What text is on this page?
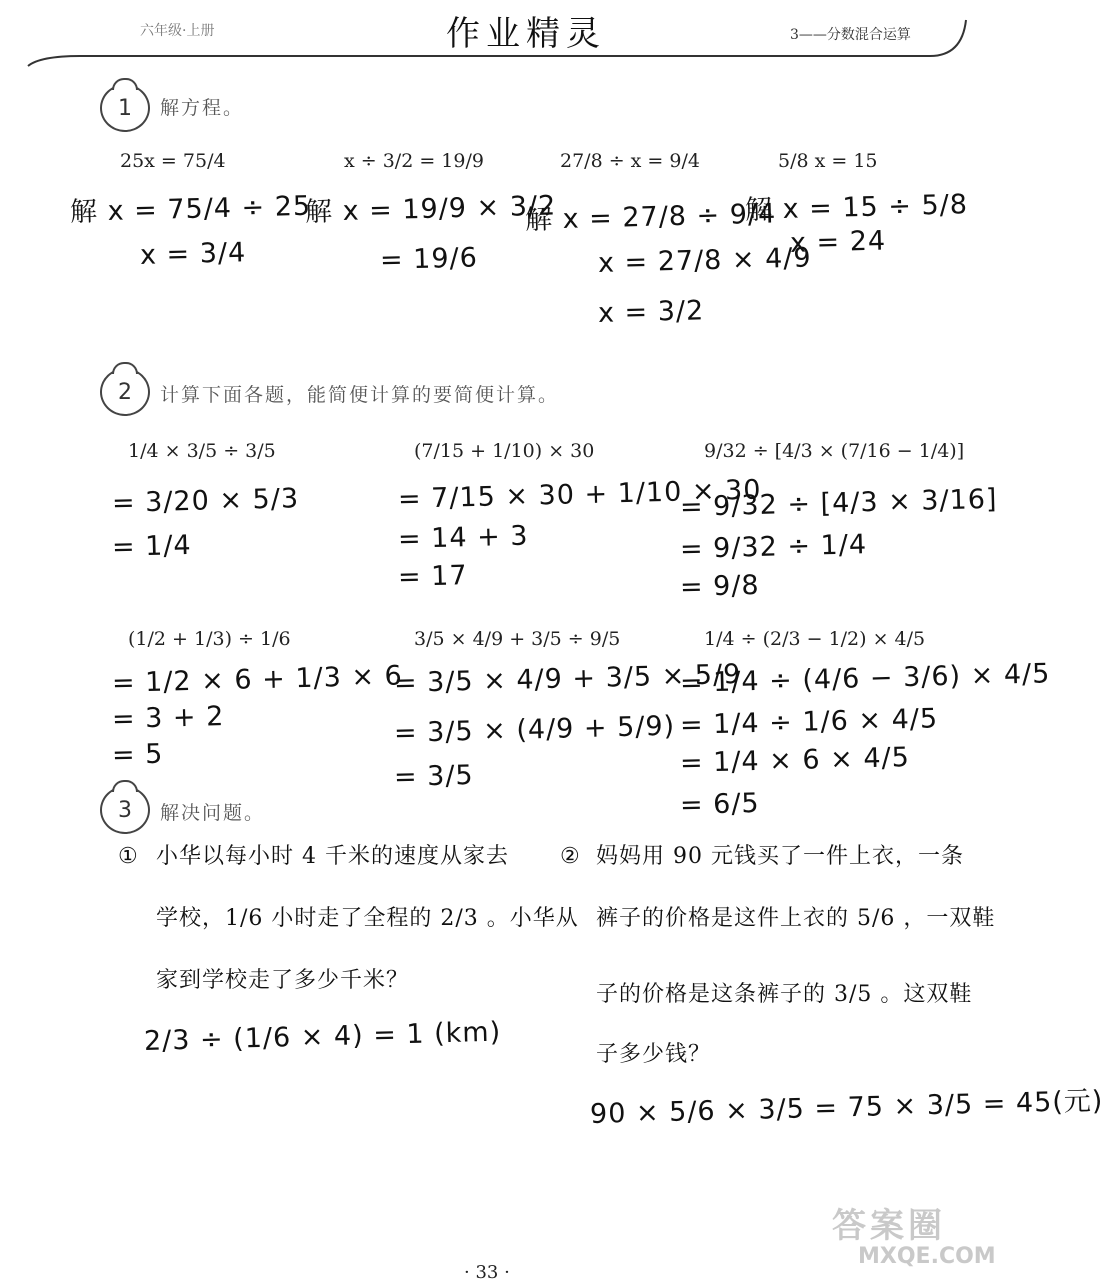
六年级·上册	作业精灵	3——分数混合运算
1	解方程。
25x = 75/4
解 x = 75/4 ÷ 25
x = 3/4
x ÷ 3/2 = 19/9
解 x = 19/9 × 3/2
= 19/6
27/8 ÷ x = 9/4
解 x = 27/8 ÷ 9/4
x = 27/8 × 4/9
x = 3/2
5/8 x = 15
解 x = 15 ÷ 5/8
x = 24
2	计算下面各题，能简便计算的要简便计算。
1/4 × 3/5 ÷ 3/5
= 3/20 × 5/3
= 1/4
(7/15 + 1/10) × 30
= 7/15 × 30 + 1/10 × 30
= 14 + 3
= 17
9/32 ÷ [4/3 × (7/16 − 1/4)]
= 9/32 ÷ [4/3 × 3/16]
= 9/32 ÷ 1/4
= 9/8
(1/2 + 1/3) ÷ 1/6
= 1/2 × 6 + 1/3 × 6
= 3 + 2
= 5
3/5 × 4/9 + 3/5 ÷ 9/5
= 3/5 × 4/9 + 3/5 × 5/9
= 3/5 × (4/9 + 5/9)
= 3/5
1/4 ÷ (2/3 − 1/2) × 4/5
= 1/4 ÷ (4/6 − 3/6) × 4/5
= 1/4 ÷ 1/6 × 4/5
= 1/4 × 6 × 4/5
= 6/5
3	解决问题。
① 小华以每小时 4 千米的速度从家去
学校，1/6 小时走了全程的 2/3 。小华从
家到学校走了多少千米？
2/3 ÷ (1/6 × 4) = 1 (km)
② 妈妈用 90 元钱买了一件上衣，一条
裤子的价格是这件上衣的 5/6 ，一双鞋
子的价格是这条裤子的 3/5 。这双鞋
子多少钱？
90 × 5/6 × 3/5 = 75 × 3/5 = 45(元)
答案圈
MXQE.COM
· 33 ·
